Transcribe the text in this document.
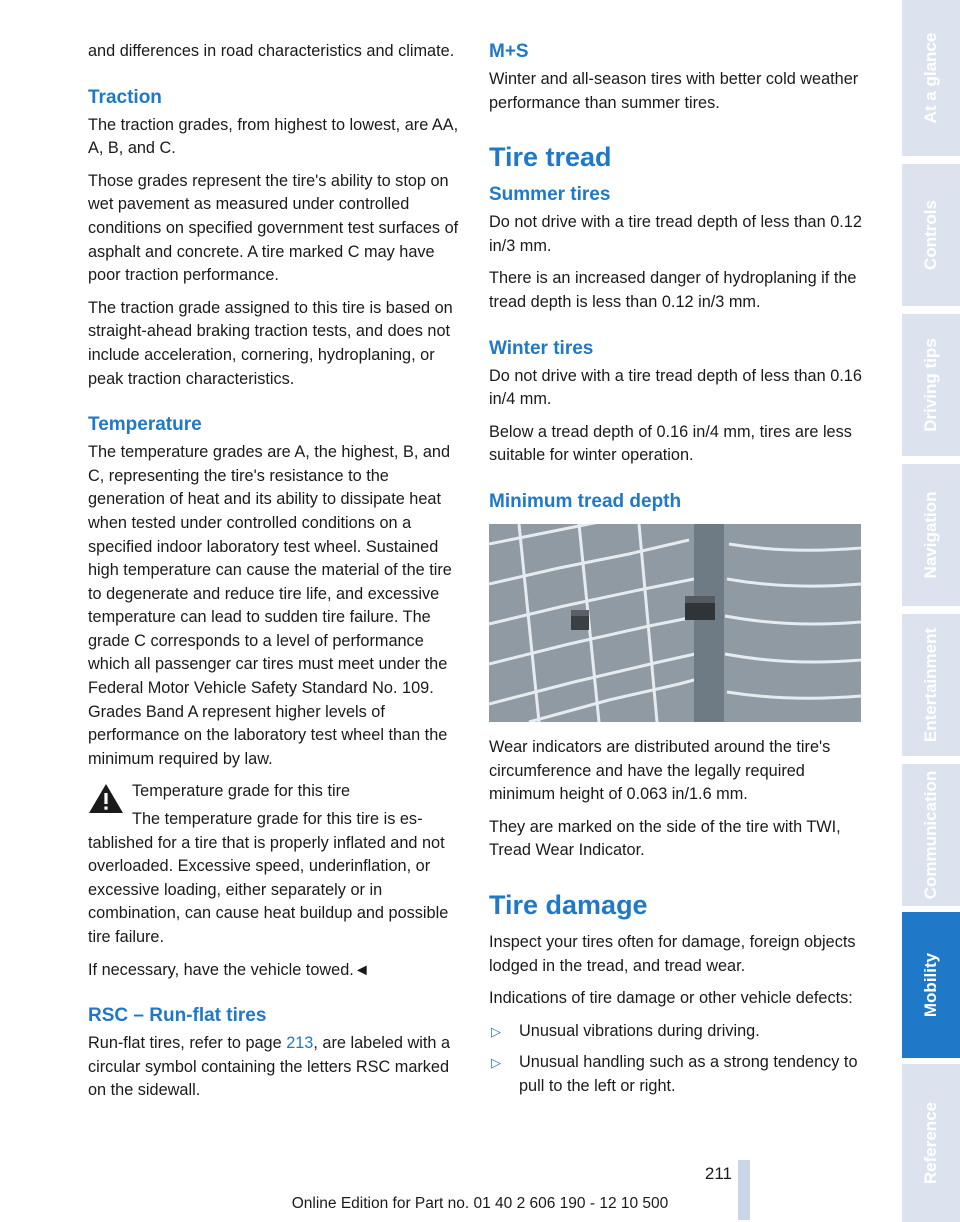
and differences in road characteristics and climate.

Traction

The traction grades, from highest to lowest, are AA, A, B, and C.

Those grades represent the tire's ability to stop on wet pavement as measured under controlled conditions on specified government test surfaces of asphalt and concrete. A tire marked C may have poor traction performance.

The traction grade assigned to this tire is based on straight-ahead braking traction tests, and does not include acceleration, cornering, hydroplaning, or peak traction characteristics.

Temperature

The temperature grades are A, the highest, B, and C, representing the tire's resistance to the generation of heat and its ability to dissipate heat when tested under controlled conditions on a specified indoor laboratory test wheel. Sustained high temperature can cause the material of the tire to degenerate and reduce tire life, and excessive temperature can lead to sudden tire failure. The grade C corresponds to a level of performance which all passenger car tires must meet under the Federal Motor Vehicle Safety Standard No. 109. Grades Band A represent higher levels of performance on the laboratory test wheel than the minimum required by law.

Temperature grade for this tire

The temperature grade for this tire is established for a tire that is properly inflated and not overloaded. Excessive speed, underinflation, or excessive loading, either separately or in combination, can cause heat buildup and possible tire failure.

If necessary, have the vehicle towed.◄

RSC – Run-flat tires

Run-flat tires, refer to page 213, are labeled with a circular symbol containing the letters RSC marked on the sidewall.

M+S

Winter and all-season tires with better cold weather performance than summer tires.

Tire tread
Summer tires

Do not drive with a tire tread depth of less than 0.12 in/3 mm.

There is an increased danger of hydroplaning if the tread depth is less than 0.12 in/3 mm.

Winter tires

Do not drive with a tire tread depth of less than 0.16 in/4 mm.

Below a tread depth of 0.16 in/4 mm, tires are less suitable for winter operation.

Minimum tread depth

Wear indicators are distributed around the tire's circumference and have the legally required minimum height of 0.063 in/1.6 mm.

They are marked on the side of the tire with TWI, Tread Wear Indicator.

Tire damage

Inspect your tires often for damage, foreign objects lodged in the tread, and tread wear.

Indications of tire damage or other vehicle defects:

▷ Unusual vibrations during driving.
▷ Unusual handling such as a strong tendency to pull to the left or right.
211
Online Edition for Part no. 01 40 2 606 190 - 12 10 500
At a glance
Controls
Driving tips
Navigation
Entertainment
Communication
Mobility
Reference
